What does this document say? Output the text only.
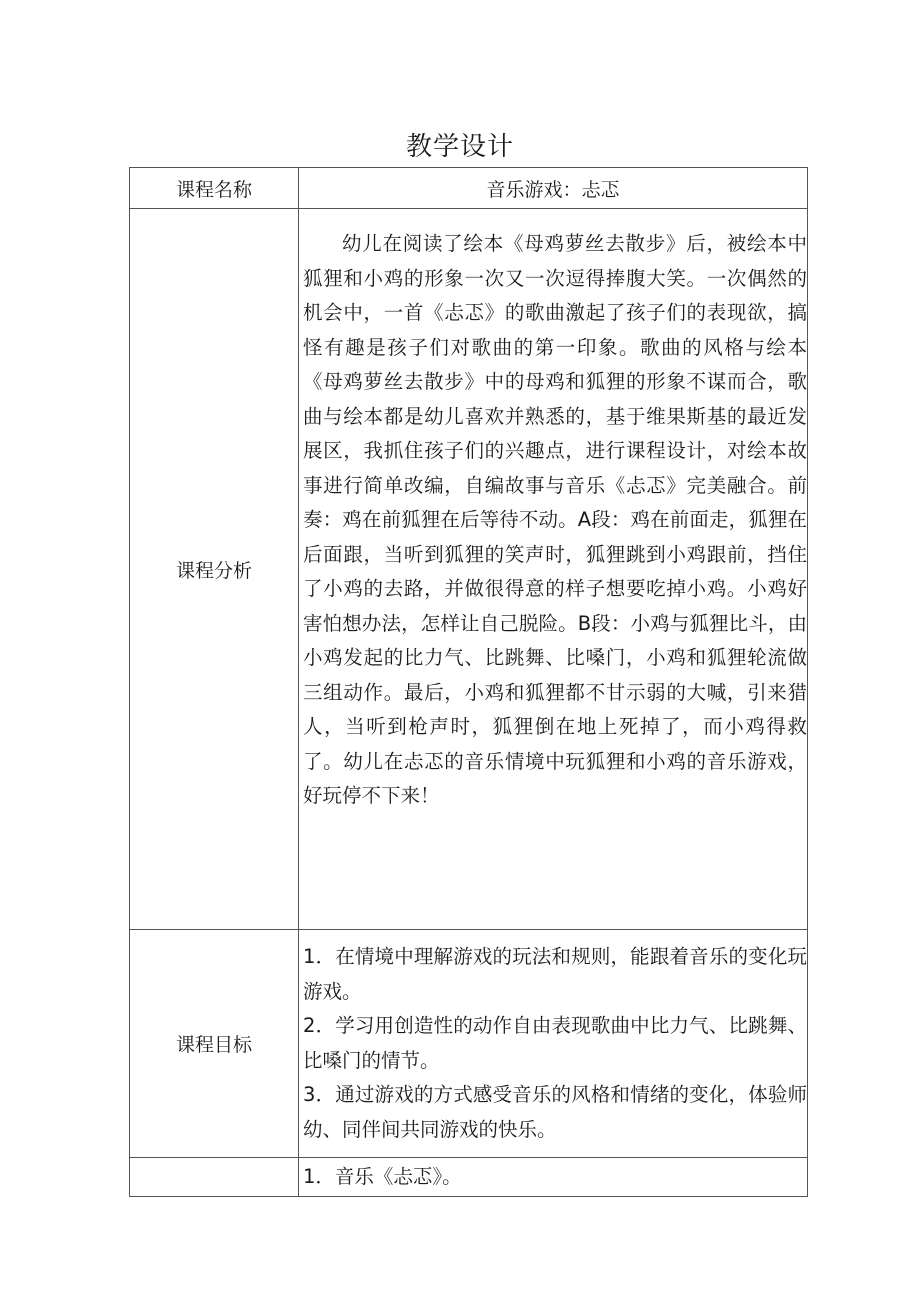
教学设计
课程名称	音乐游戏：忐忑
课程分析	幼儿在阅读了绘本《母鸡萝丝去散步》后，被绘本中狐狸和小鸡的形象一次又一次逗得捧腹大笑。一次偶然的机会中，一首《忐忑》的歌曲激起了孩子们的表现欲，搞怪有趣是孩子们对歌曲的第一印象。歌曲的风格与绘本《母鸡萝丝去散步》中的母鸡和狐狸的形象不谋而合，歌曲与绘本都是幼儿喜欢并熟悉的，基于维果斯基的最近发展区，我抓住孩子们的兴趣点，进行课程设计，对绘本故事进行简单改编，自编故事与音乐《忐忑》完美融合。前奏：鸡在前狐狸在后等待不动。A段：鸡在前面走，狐狸在后面跟，当听到狐狸的笑声时，狐狸跳到小鸡跟前，挡住了小鸡的去路，并做很得意的样子想要吃掉小鸡。小鸡好害怕想办法，怎样让自己脱险。B段：小鸡与狐狸比斗，由小鸡发起的比力气、比跳舞、比嗓门，小鸡和狐狸轮流做三组动作。最后，小鸡和狐狸都不甘示弱的大喊，引来猎人，当听到枪声时，狐狸倒在地上死掉了，而小鸡得救了。幼儿在忐忑的音乐情境中玩狐狸和小鸡的音乐游戏，好玩停不下来！

课程目标	1．在情境中理解游戏的玩法和规则，能跟着音乐的变化玩游戏。

2．学习用创造性的动作自由表现歌曲中比力气、比跳舞、比嗓门的情节。

3．通过游戏的方式感受音乐的风格和情绪的变化，体验师幼、同伴间共同游戏的快乐。

	1．音乐《忐忑》。
